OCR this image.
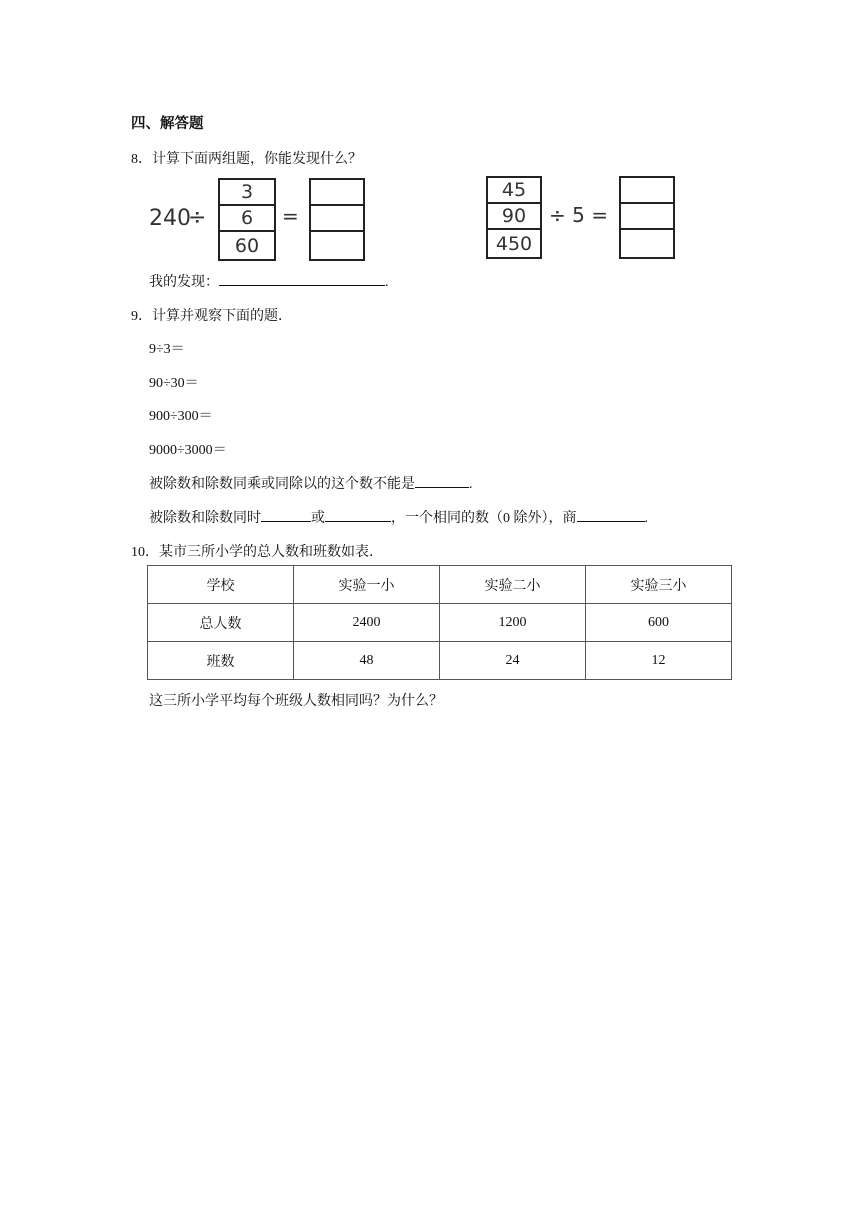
四、解答题
8．计算下面两组题，你能发现什么？
240
÷
3
6
60
=
45
90
450
÷ 5 =
我的发现：	.
9．计算并观察下面的题．
9÷3＝
90÷30＝
900÷300＝
9000÷3000＝
被除数和除数同乘或同除以的这个数不能是	.
被除数和除数同时	或	，一个相同的数（0 除外），商	.
10．某市三所小学的总人数和班数如表．
学校	实验一小	实验二小	实验三小
总人数	2400	1200	600
班数	48	24	12
这三所小学平均每个班级人数相同吗？为什么？
